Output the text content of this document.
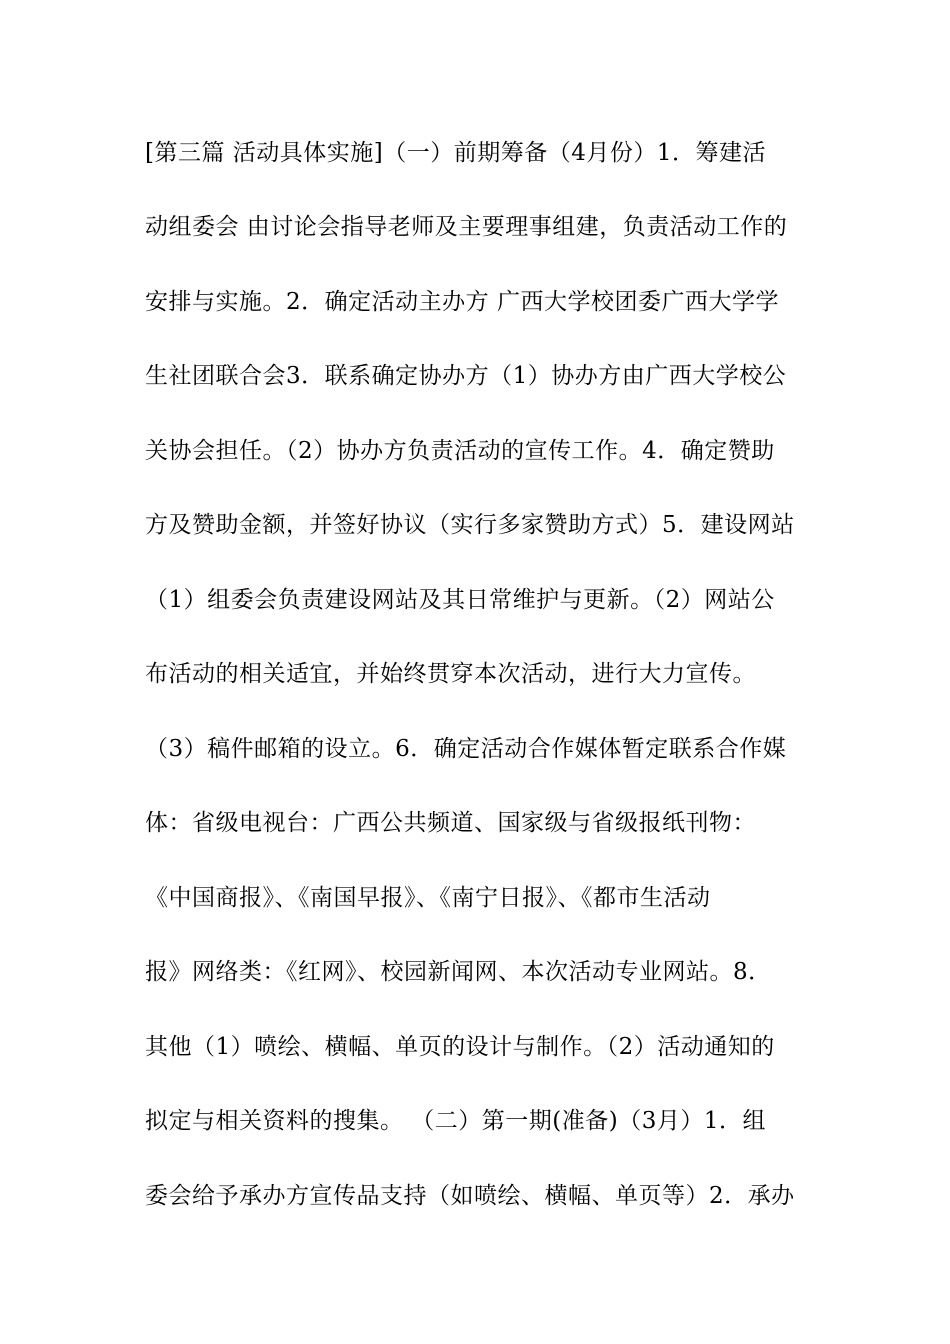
[第三篇 活动具体实施]（一）前期筹备（4月份）1．筹建活
动组委会 由讨论会指导老师及主要理事组建，负责活动工作的
安排与实施。2．确定活动主办方 广西大学校团委广西大学学
生社团联合会3．联系确定协办方（1）协办方由广西大学校公
关协会担任。（2）协办方负责活动的宣传工作。4．确定赞助
方及赞助金额，并签好协议（实行多家赞助方式）5．建设网站
（1）组委会负责建设网站及其日常维护与更新。（2）网站公
布活动的相关适宜，并始终贯穿本次活动，进行大力宣传。
（3）稿件邮箱的设立。6．确定活动合作媒体暂定联系合作媒
体：省级电视台：广西公共频道、国家级与省级报纸刊物：
《中国商报》、《南国早报》、《南宁日报》、《都市生活动
报》网络类：《红网》、校园新闻网、本次活动专业网站。8．
其他（1）喷绘、横幅、单页的设计与制作。（2）活动通知的
拟定与相关资料的搜集。 （二）第一期(准备)（3月）1．组
委会给予承办方宣传品支持（如喷绘、横幅、单页等）2．承办
